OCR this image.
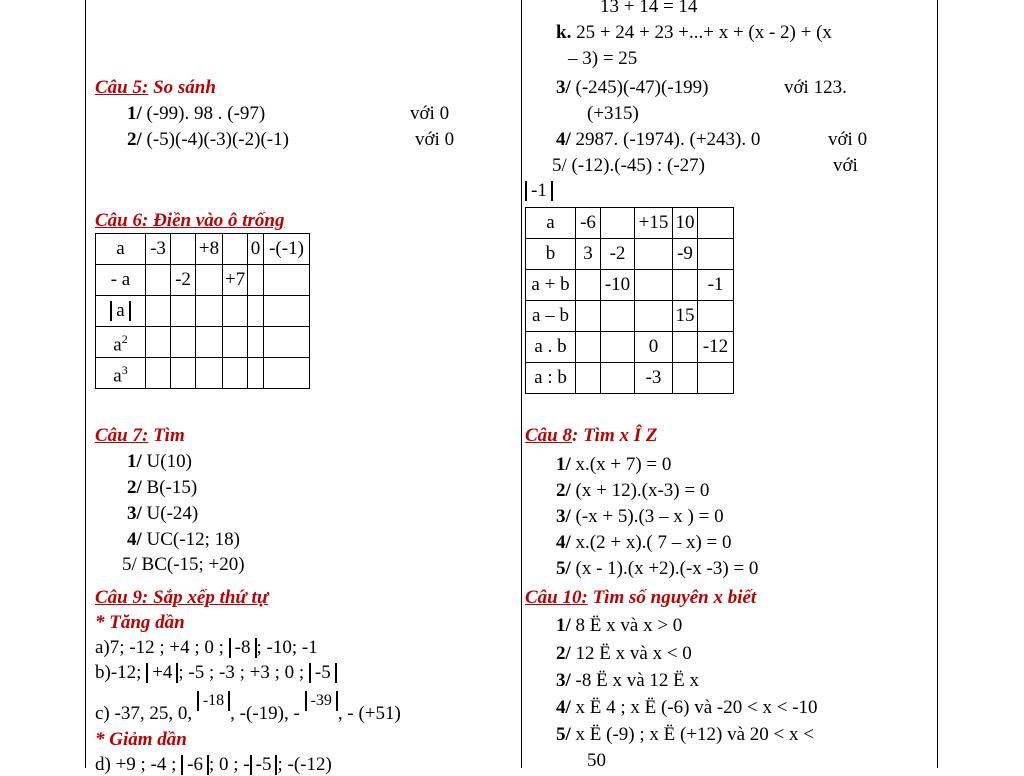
Câu 5: So sánh
1/ (-99). 98 . (-97)	với 0
2/ (-5)(-4)(-3)(-2)(-1)	với 0
Câu 6: Điền vào ô trống
a	-3		+8		0	-(-1)
- a		-2		+7		
a						
$a^2$						
$a^3$						
Câu 7: Tìm
1/ U(10)
2/ B(-15)
3/ U(-24)
4/ UC(-12; 18)
5/ BC(-15; +20)
Câu 9: Sắp xếp thứ tự
* Tăng dần
a)7; -12 ; +4 ; 0 ; -8 ; -10; -1
b)-12; +4 ; -5 ; -3 ; +3 ; 0 ; -5
c) -37, 25, 0, -18, -(-19), - -39, - (+51)
* Giảm dần
d) +9 ; -4 ; -6 ; 0 ; - -5 ; -(-12)
13 + 14 = 14
k. 25 + 24 + 23 +...+ x + (x - 2) + (x
– 3) = 25
3/ (-245)(-47)(-199)	với 123.
(+315)
4/ 2987. (-1974). (+243). 0	với 0
5/ (-12).(-45) : (-27)	với
-1
a	-6		+15	10	
b	3	-2		-9	
a + b		-10			-1
a – b				15	
a . b			0		-12
a : b			-3		
Câu 8: Tìm x Î Z
1/ x.(x + 7) = 0
2/ (x + 12).(x-3) = 0
3/ (-x + 5).(3 – x ) = 0
4/ x.(2 + x).( 7 – x) = 0
5/ (x - 1).(x +2).(-x -3) = 0
Câu 10: Tìm số nguyên x biết
1/ 8 Ë x và x > 0
2/ 12 Ë x và x < 0
3/ -8 Ë x và 12 Ë x
4/ x Ë 4 ; x Ë (-6) và -20 < x < -10
5/ x Ë (-9) ; x Ë (+12) và 20 < x <
50
